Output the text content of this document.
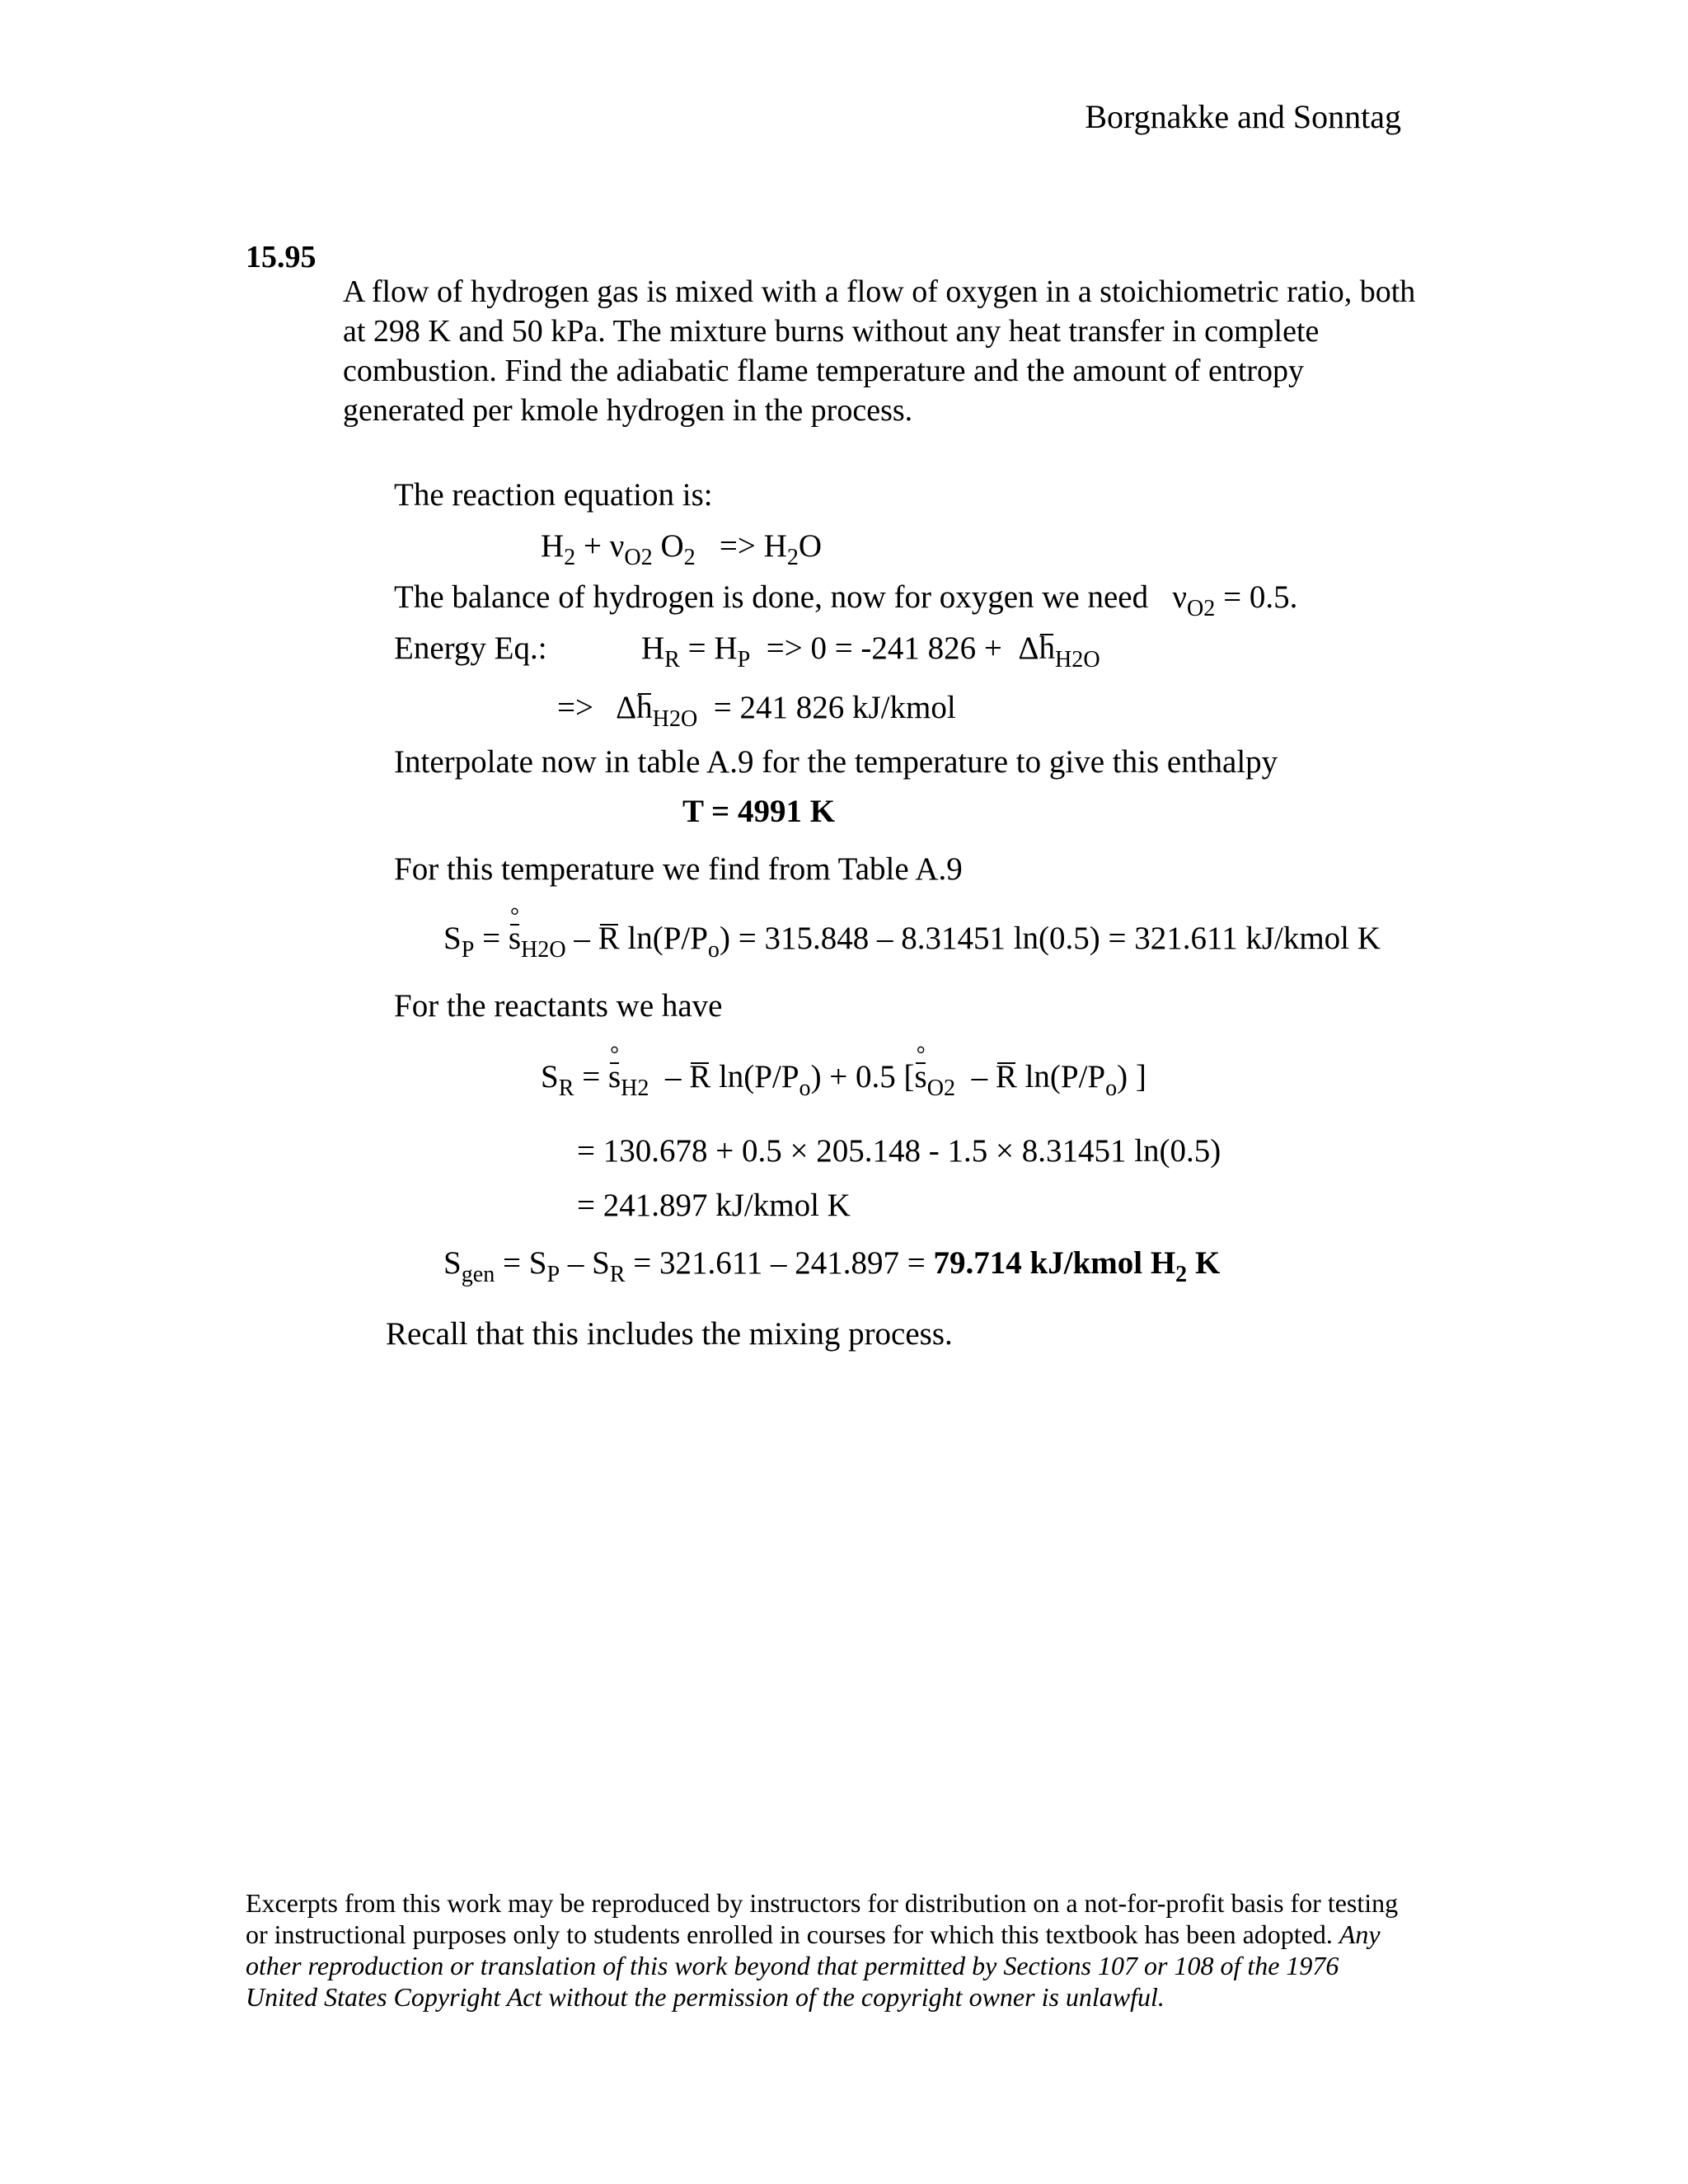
Borgnakke and Sonntag
15.95
A flow of hydrogen gas is mixed with a flow of oxygen in a stoichiometric ratio, both at 298 K and 50 kPa. The mixture burns without any heat transfer in complete combustion. Find the adiabatic flame temperature and the amount of entropy generated per kmole hydrogen in the process.
The reaction equation is:
$H_2 + \nu_{O2}$ $O_2 => H_2O$
The balance of hydrogen is done, now for oxygen we need   $\nu_{O2} = 0.5$.
Energy Eq.:	$H_R = H_P => 0 = -241$ $826 + \Delta h_{H2O}$
=>   $\Delta h_{H2O} = 241$ 826 kJ/kmol
Interpolate now in table A.9 for the temperature to give this enthalpy
T = 4991 K
For this temperature we find from Table A.9
$S_P = s$ $^\circ_{H2O}$ – R $\ln(P/P_o) = 315.848 - 8.31451$ ln(0.5) = 321.611 kJ/kmol K
For the reactants we have
$S_R = s$ $^\circ_{H2}$  – R $\ln(P/P_o) + 0.5$ [s $^\circ_{O2}$  – R $\ln(P/P_o)$ ]
= 130.678 + 0.5 × 205.148 - 1.5 × 8.31451 ln(0.5)
= 241.897 kJ/kmol K
$S_{gen} = S_P - S_R = 321.611 - 241.897 = 79.714$ kJ/kmol $H_2$ K
Recall that this includes the mixing process.
Excerpts from this work may be reproduced by instructors for distribution on a not-for-profit basis for testing or instructional purposes only to students enrolled in courses for which this textbook has been adopted. Any other reproduction or translation of this work beyond that permitted by Sections 107 or 108 of the 1976 United States Copyright Act without the permission of the copyright owner is unlawful.
